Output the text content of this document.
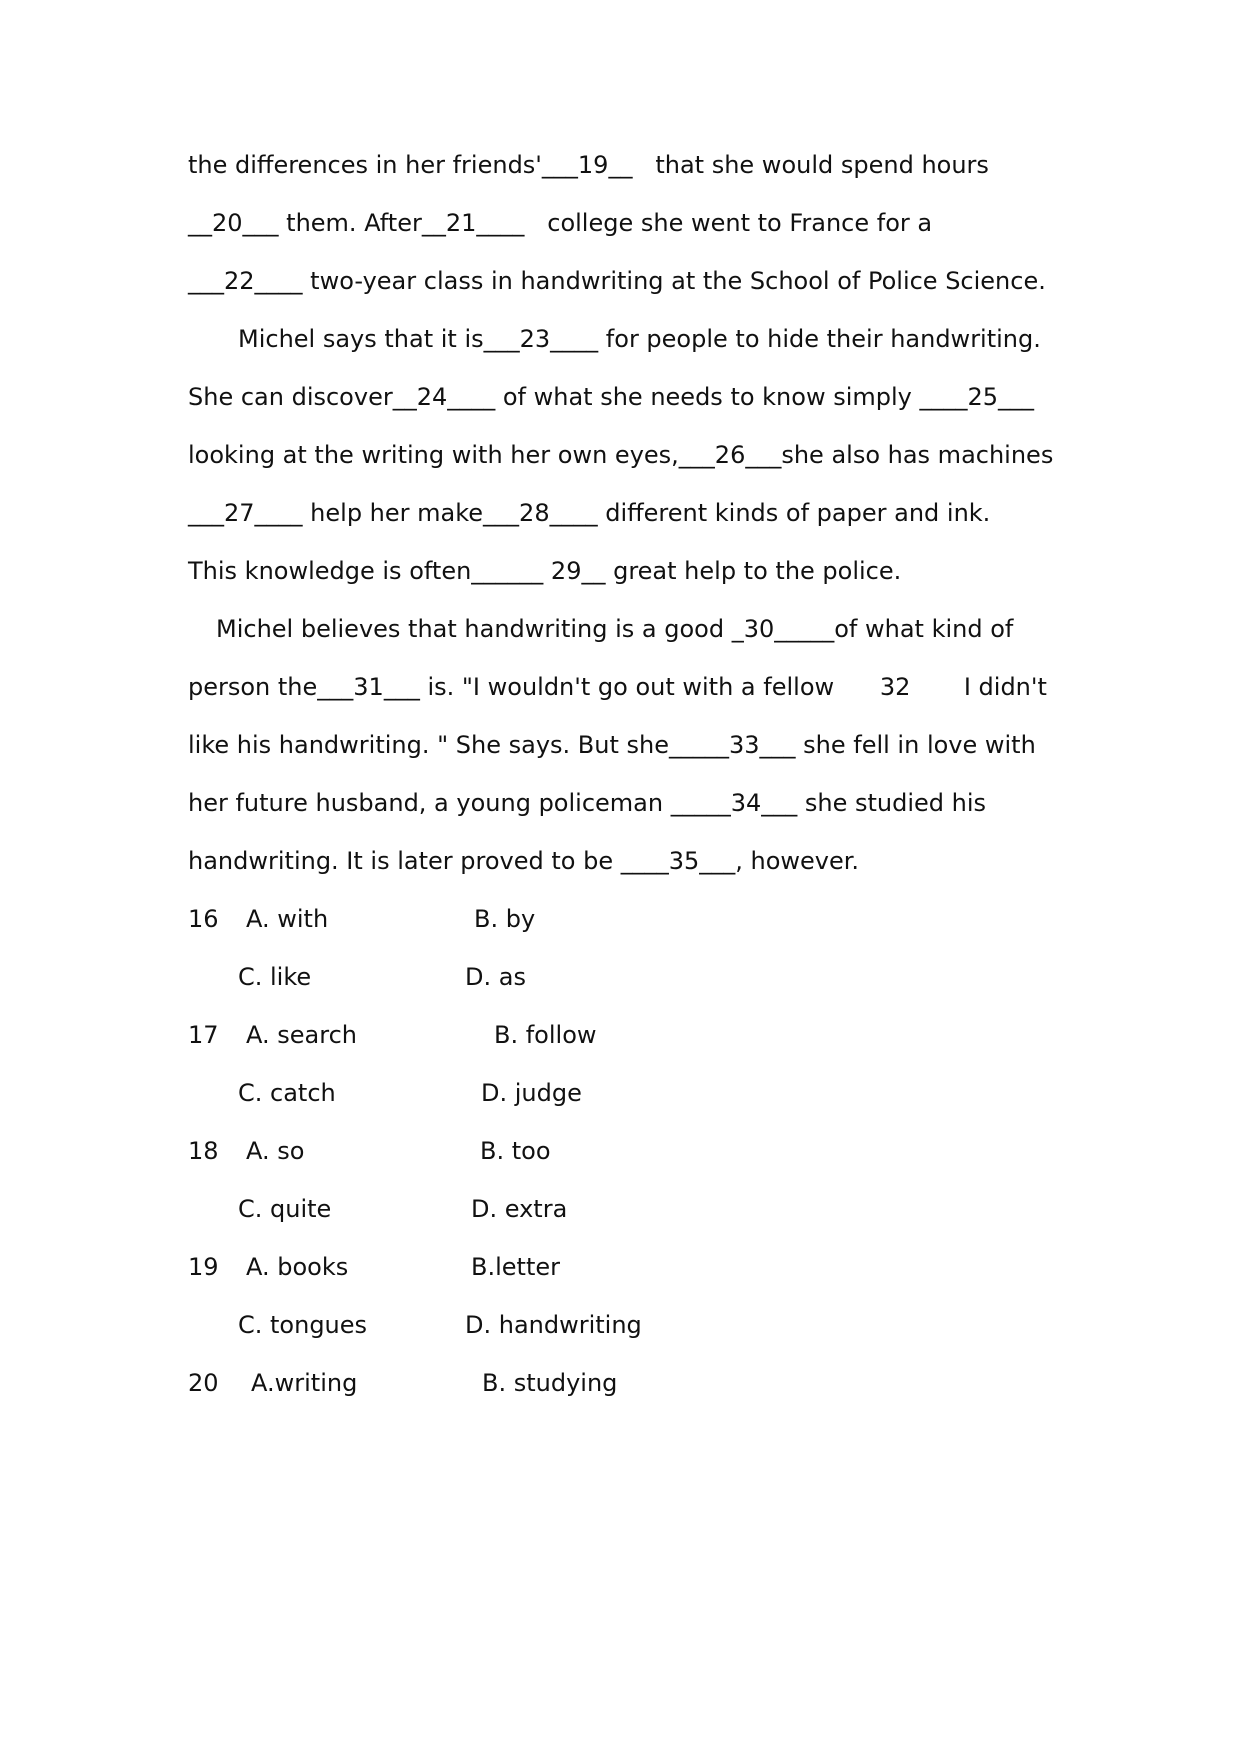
the differences in her friends'___19__   that she would spend hours
__20___ them. After__21____   college she went to France for a
___22____ two-year class in handwriting at the School of Police Science.
Michel says that it is___23____ for people to hide their handwriting.
She can discover__24____ of what she needs to know simply ____25___
looking at the writing with her own eyes,___26___she also has machines
___27____ help her make___28____ different kinds of paper and ink.
This knowledge is often______ 29__ great help to the police.
Michel believes that handwriting is a good _30_____of what kind of
person the___31___ is. "I wouldn't go out with a fellow      32       I didn't
like his handwriting. " She says. But she_____33___ she fell in love with
her future husband, a young policeman _____34___ she studied his
handwriting. It is later proved to be ____35___, however.
16 A. with	B. by
C. like	D. as
17 A. search	B. follow
C. catch	D. judge
18 A. so	B. too
C. quite	D. extra
19 A. books	B.letter
C. tongues	D. handwriting
20 A.writing	B. studying
